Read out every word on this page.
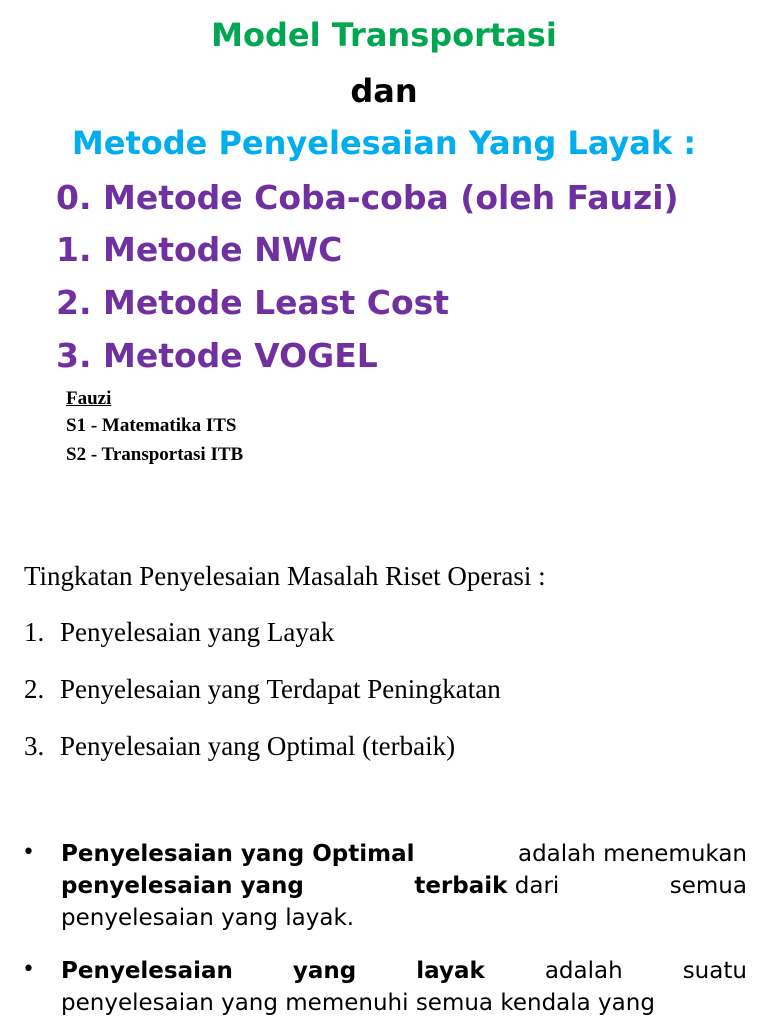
Model Transportasi
dan
Metode Penyelesaian Yang Layak :
0. Metode Coba-coba (oleh Fauzi)
1. Metode NWC
2. Metode Least Cost
3. Metode VOGEL
Fauzi
S1 - Matematika ITS
S2 - Transportasi ITB
Tingkatan Penyelesaian Masalah Riset Operasi :
1. Penyelesaian yang Layak
2. Penyelesaian yang Terdapat Peningkatan
3. Penyelesaian yang Optimal (terbaik)
• Penyelesaian yang Optimal	adalah menemukan
penyelesaian yang	terbaik dari	semua
penyelesaian yang layak.
• Penyelesaian	yang	layak	adalah	suatu
penyelesaian yang memenuhi semua kendala yang
